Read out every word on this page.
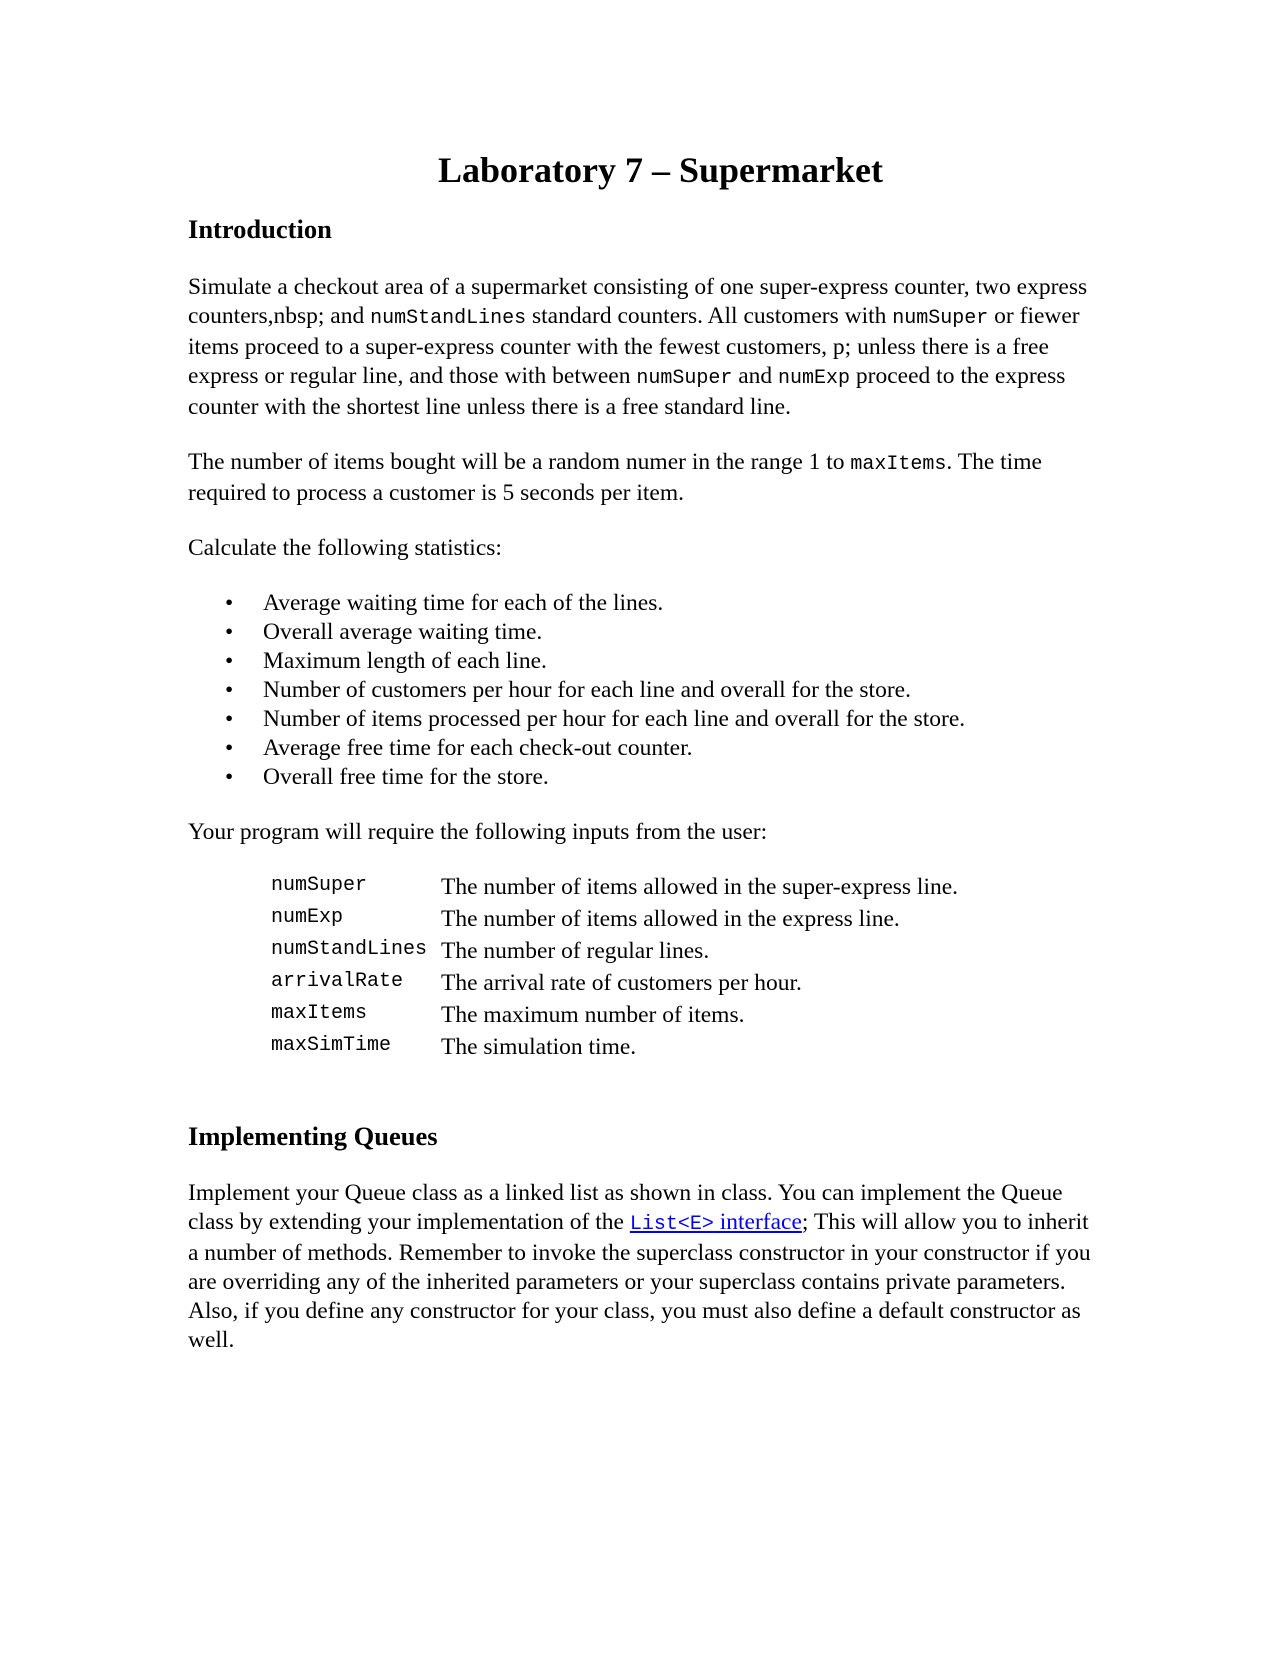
Laboratory 7 – Supermarket
Introduction

Simulate a checkout area of a supermarket consisting of one super-express counter, two express counters,nbsp; and numStandLines standard counters. All customers with numSuper or fiewer items proceed to a super-express counter with the fewest customers, p; unless there is a free express or regular line, and those with between numSuper and numExp proceed to the express counter with the shortest line unless there is a free standard line.

The number of items bought will be a random numer in the range 1 to maxItems. The time required to process a customer is 5 seconds per item.

Calculate the following statistics:

• Average waiting time for each of the lines.
• Overall average waiting time.
• Maximum length of each line.
• Number of customers per hour for each line and overall for the store.
• Number of items processed per hour for each line and overall for the store.
• Average free time for each check-out counter.
• Overall free time for the store.

Your program will require the following inputs from the user:

numSuper	The number of items allowed in the super-express line.
numExp	The number of items allowed in the express line.
numStandLines	The number of regular lines.
arrivalRate	The arrival rate of customers per hour.
maxItems	The maximum number of items.
maxSimTime	The simulation time.
Implementing Queues

Implement your Queue class as a linked list as shown in class. You can implement the Queue class by extending your implementation of the List<E> interface; This will allow you to inherit a number of methods. Remember to invoke the superclass constructor in your constructor if you are overriding any of the inherited parameters or your superclass contains private parameters. Also, if you define any constructor for your class, you must also define a default constructor as well.
